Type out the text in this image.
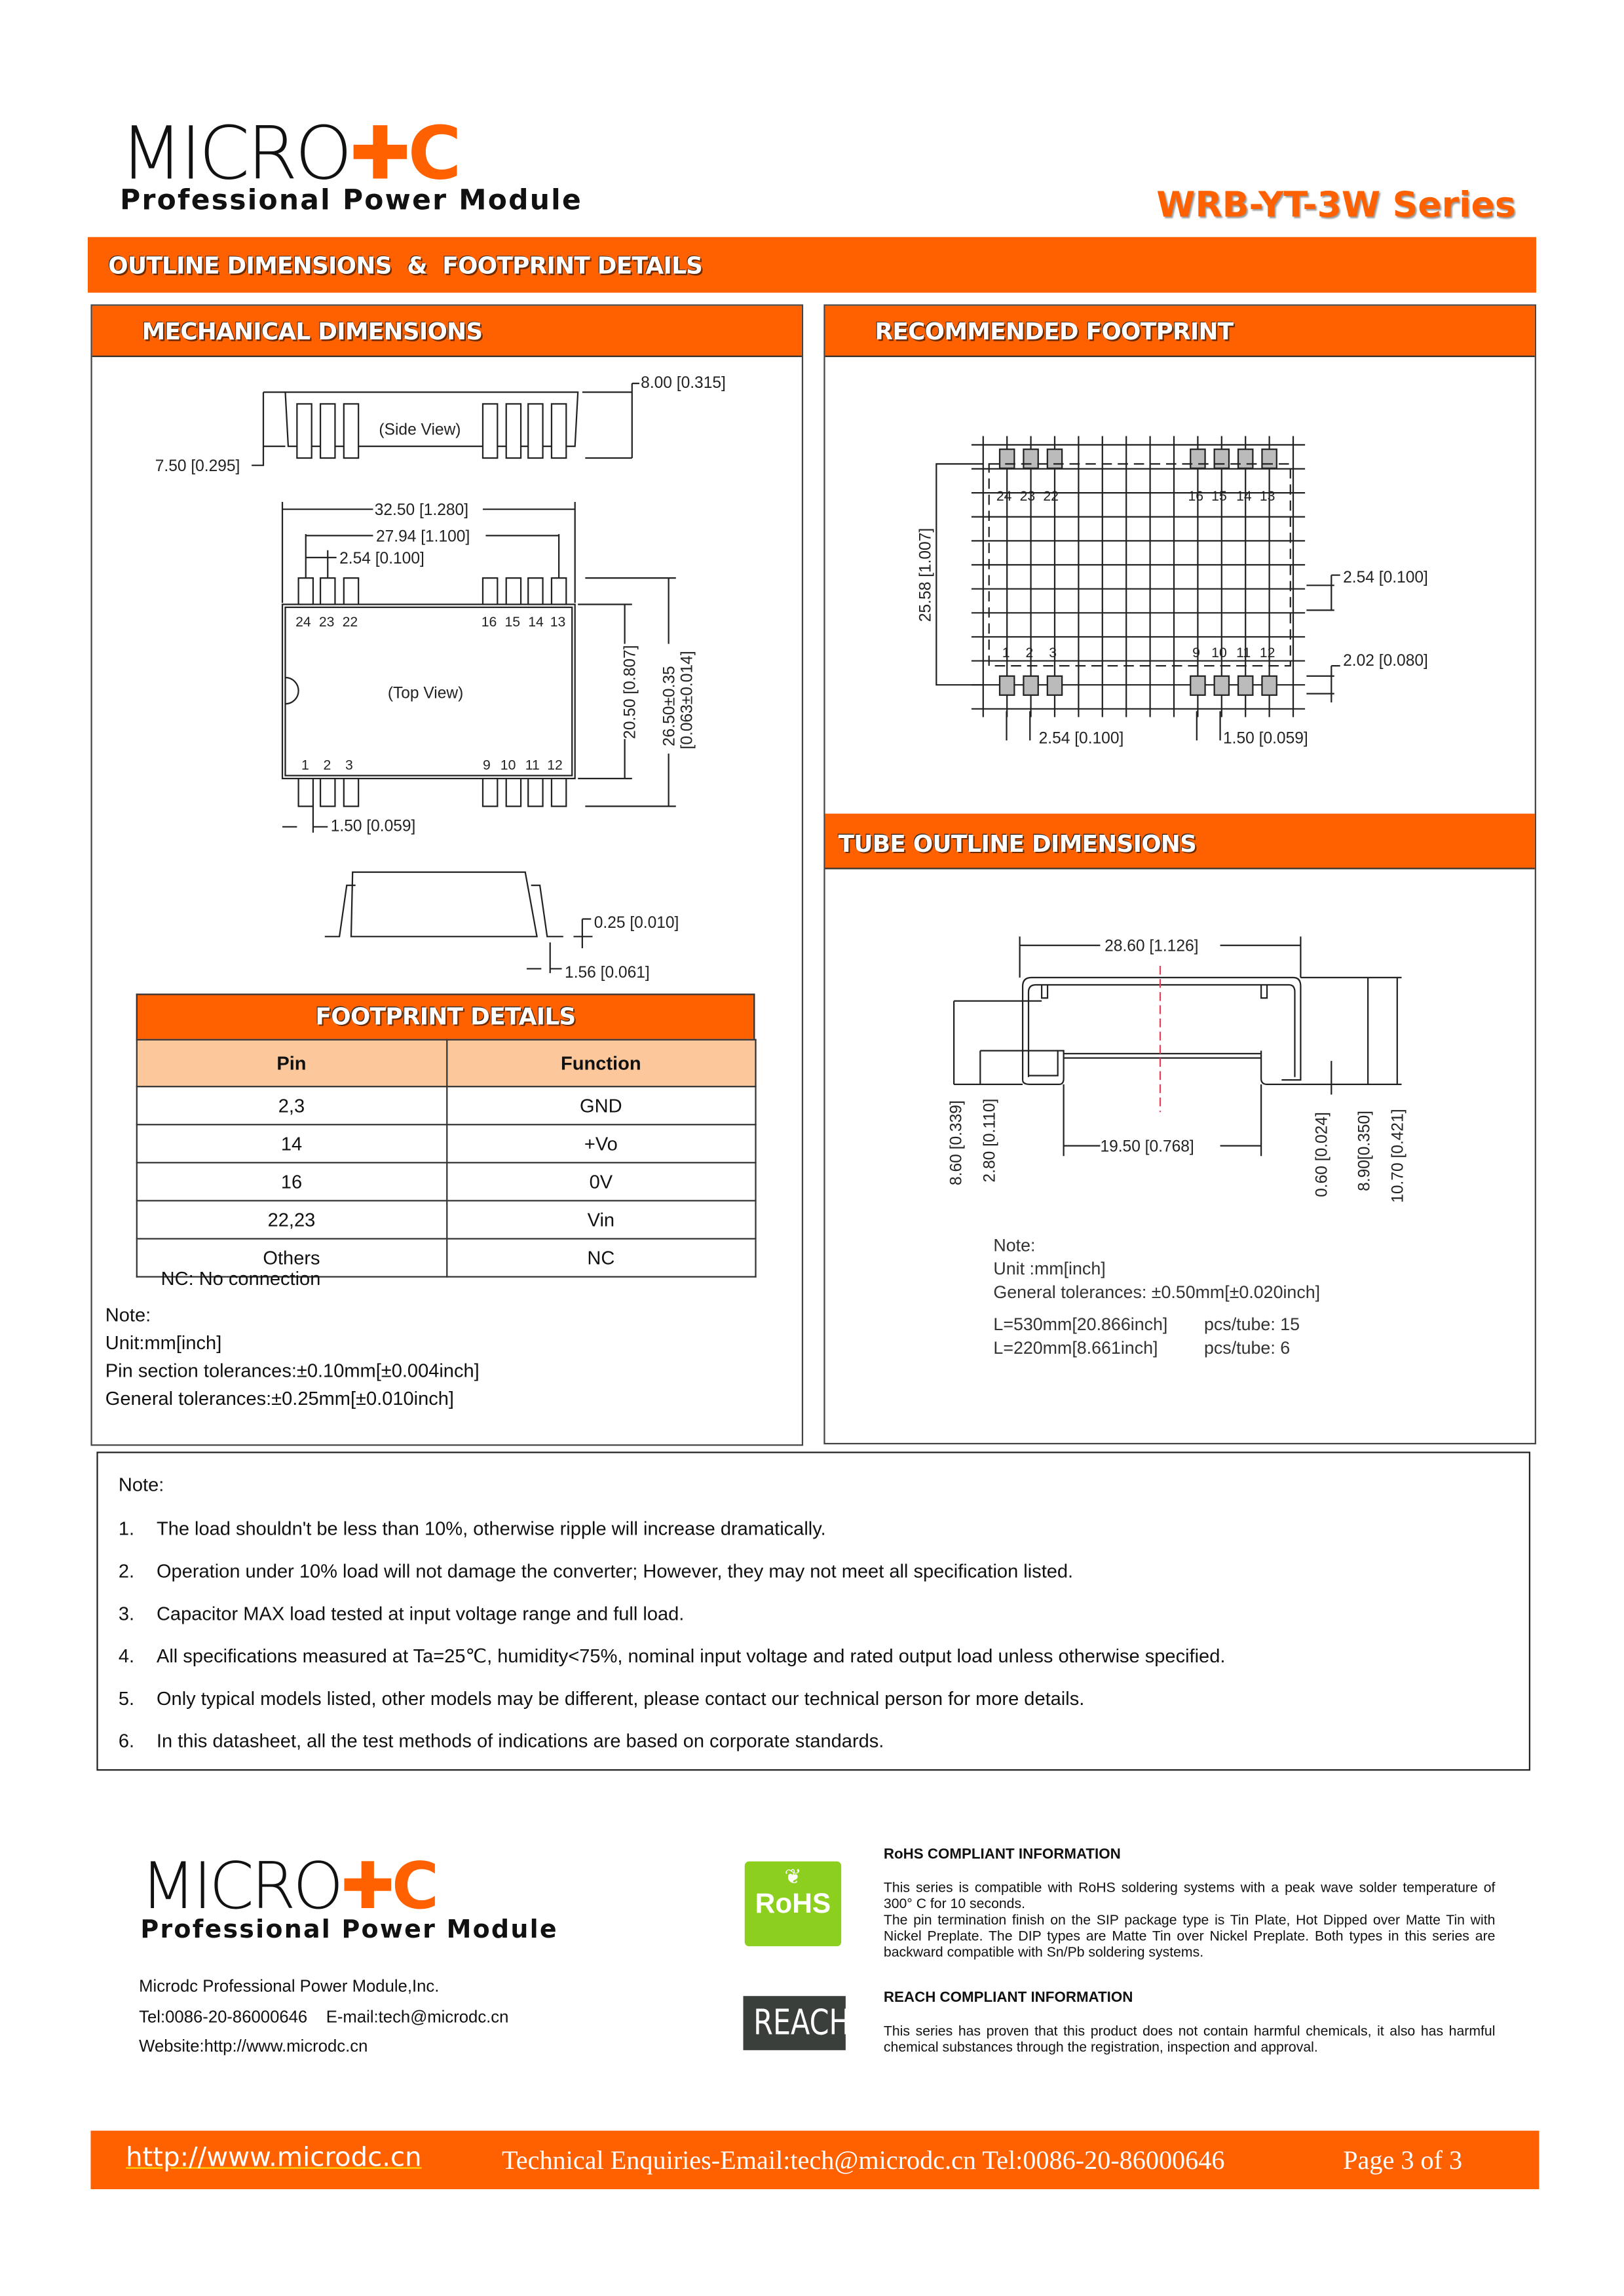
MICRO✚C
Professional Power Module	WRB-YT-3W Series
OUTLINE DIMENSIONS  &  FOOTPRINT DETAILS
MECHANICAL DIMENSIONS	RECOMMENDED FOOTPRINT
TUBE OUTLINE DIMENSIONS
FOOTPRINT DETAILS
Pin	Function
2,3	GND
14	+Vo
16	0V
22,23	Vin
Others	NC
NC: No connection
Note:
Unit:mm[inch]
Pin section tolerances:±0.10mm[±0.004inch]
General tolerances:±0.25mm[±0.010inch]
Note:
Unit :mm[inch]
General tolerances: ±0.50mm[±0.020inch]
L=530mm[20.866inch]	pcs/tube: 15
L=220mm[8.661inch]	pcs/tube: 6
(Side View)
8.00 [0.315]
7.50 [0.295]
32.50 [1.280]
27.94 [1.100]
2.54 [0.100]
(Top View)
24 23 22	16 15 14 13
1 2 3	9 10 11 12
20.50 [0.807]	26.50±0.35 [0.063±0.014]
1.50 [0.059]
0.25 [0.010]
1.56 [0.061]
25.58 [1.007]	2.54 [0.100]
2.02 [0.080]
2.54 [0.100]	1.50 [0.059]
24 23 22	16 15 14 13
1	2	3	9 10 11 12
28.60 [1.126]
19.50 [0.768]
8.60 [0.339] 2.80 [0.110]	0.60 [0.024]	8.90[0.350] 10.70 [0.421]
Note:
1.	The load shouldn't be less than 10%, otherwise ripple will increase dramatically.
2.	Operation under 10% load will not damage the converter; However, they may not meet all specification listed.
3.	Capacitor MAX load tested at input voltage range and full load.
4.	All specifications measured at Ta=25℃, humidity<75%, nominal input voltage and rated output load unless otherwise specified.
5.	Only typical models listed, other models may be different, please contact our technical person for more details.
6.	In this datasheet, all the test methods of indications are based on corporate standards.
MICRO✚C
Professional Power Module
Microdc Professional Power Module,Inc.
Tel:0086-20-86000646    E-mail:tech@microdc.cn
Website:http://www.microdc.cn
❦
RoHS
REACH
RoHS COMPLIANT INFORMATION
This series is compatible with RoHS soldering systems with a peak wave solder temperature of 300° C for 10 seconds.
The pin termination finish on the SIP package type is Tin Plate, Hot Dipped over Matte Tin with Nickel Preplate. The DIP types are Matte Tin over Nickel Preplate. Both types in this series are backward compatible with Sn/Pb soldering systems.
REACH COMPLIANT INFORMATION
This series has proven that this product does not contain harmful chemicals, it also has harmful chemical substances through the registration, inspection and approval.
http://www.microdc.cn	Technical Enquiries-Email:tech@microdc.cn Tel:0086-20-86000646	Page 3 of 3
